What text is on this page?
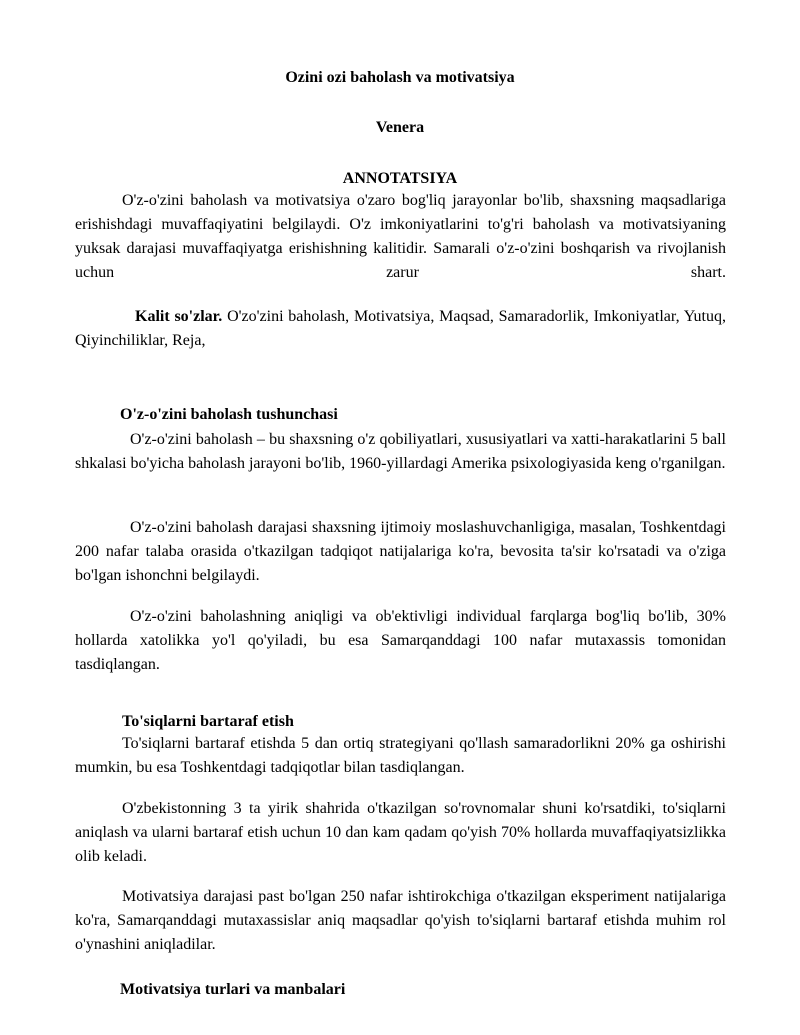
Ozini ozi baholash va motivatsiya
Venera
ANNOTATSIYA

O'z-o'zini baholash va motivatsiya o'zaro bog'liq jarayonlar bo'lib, shaxsning maqsadlariga erishishdagi muvaffaqiyatini belgilaydi. O'z imkoniyatlarini to'g'ri baholash va motivatsiyaning yuksak darajasi muvaffaqiyatga erishishning kalitidir. Samarali o'z-o'zini boshqarish va rivojlanish uchun zarur shart.

Kalit so'zlar. O'zo'zini baholash, Motivatsiya, Maqsad, Samaradorlik, Imkoniyatlar, Yutuq, Qiyinchiliklar, Reja,

O'z-o'zini baholash tushunchasi

O'z-o'zini baholash – bu shaxsning o'z qobiliyatlari, xususiyatlari va xatti-harakatlarini 5 ball shkalasi bo'yicha baholash jarayoni bo'lib, 1960-yillardagi Amerika psixologiyasida keng o'rganilgan.

O'z-o'zini baholash darajasi shaxsning ijtimoiy moslashuvchanligiga, masalan, Toshkentdagi 200 nafar talaba orasida o'tkazilgan tadqiqot natijalariga ko'ra, bevosita ta'sir ko'rsatadi va o'ziga bo'lgan ishonchni belgilaydi.

O'z-o'zini baholashning aniqligi va ob'ektivligi individual farqlarga bog'liq bo'lib, 30% hollarda xatolikka yo'l qo'yiladi, bu esa Samarqanddagi 100 nafar mutaxassis tomonidan tasdiqlangan.

To'siqlarni bartaraf etish

To'siqlarni bartaraf etishda 5 dan ortiq strategiyani qo'llash samaradorlikni 20% ga oshirishi mumkin, bu esa Toshkentdagi tadqiqotlar bilan tasdiqlangan.

O'zbekistonning 3 ta yirik shahrida o'tkazilgan so'rovnomalar shuni ko'rsatdiki, to'siqlarni aniqlash va ularni bartaraf etish uchun 10 dan kam qadam qo'yish 70% hollarda muvaffaqiyatsizlikka olib keladi.

Motivatsiya darajasi past bo'lgan 250 nafar ishtirokchiga o'tkazilgan eksperiment natijalariga ko'ra, Samarqanddagi mutaxassislar aniq maqsadlar qo'yish to'siqlarni bartaraf etishda muhim rol o'ynashini aniqladilar.

Motivatsiya turlari va manbalari
